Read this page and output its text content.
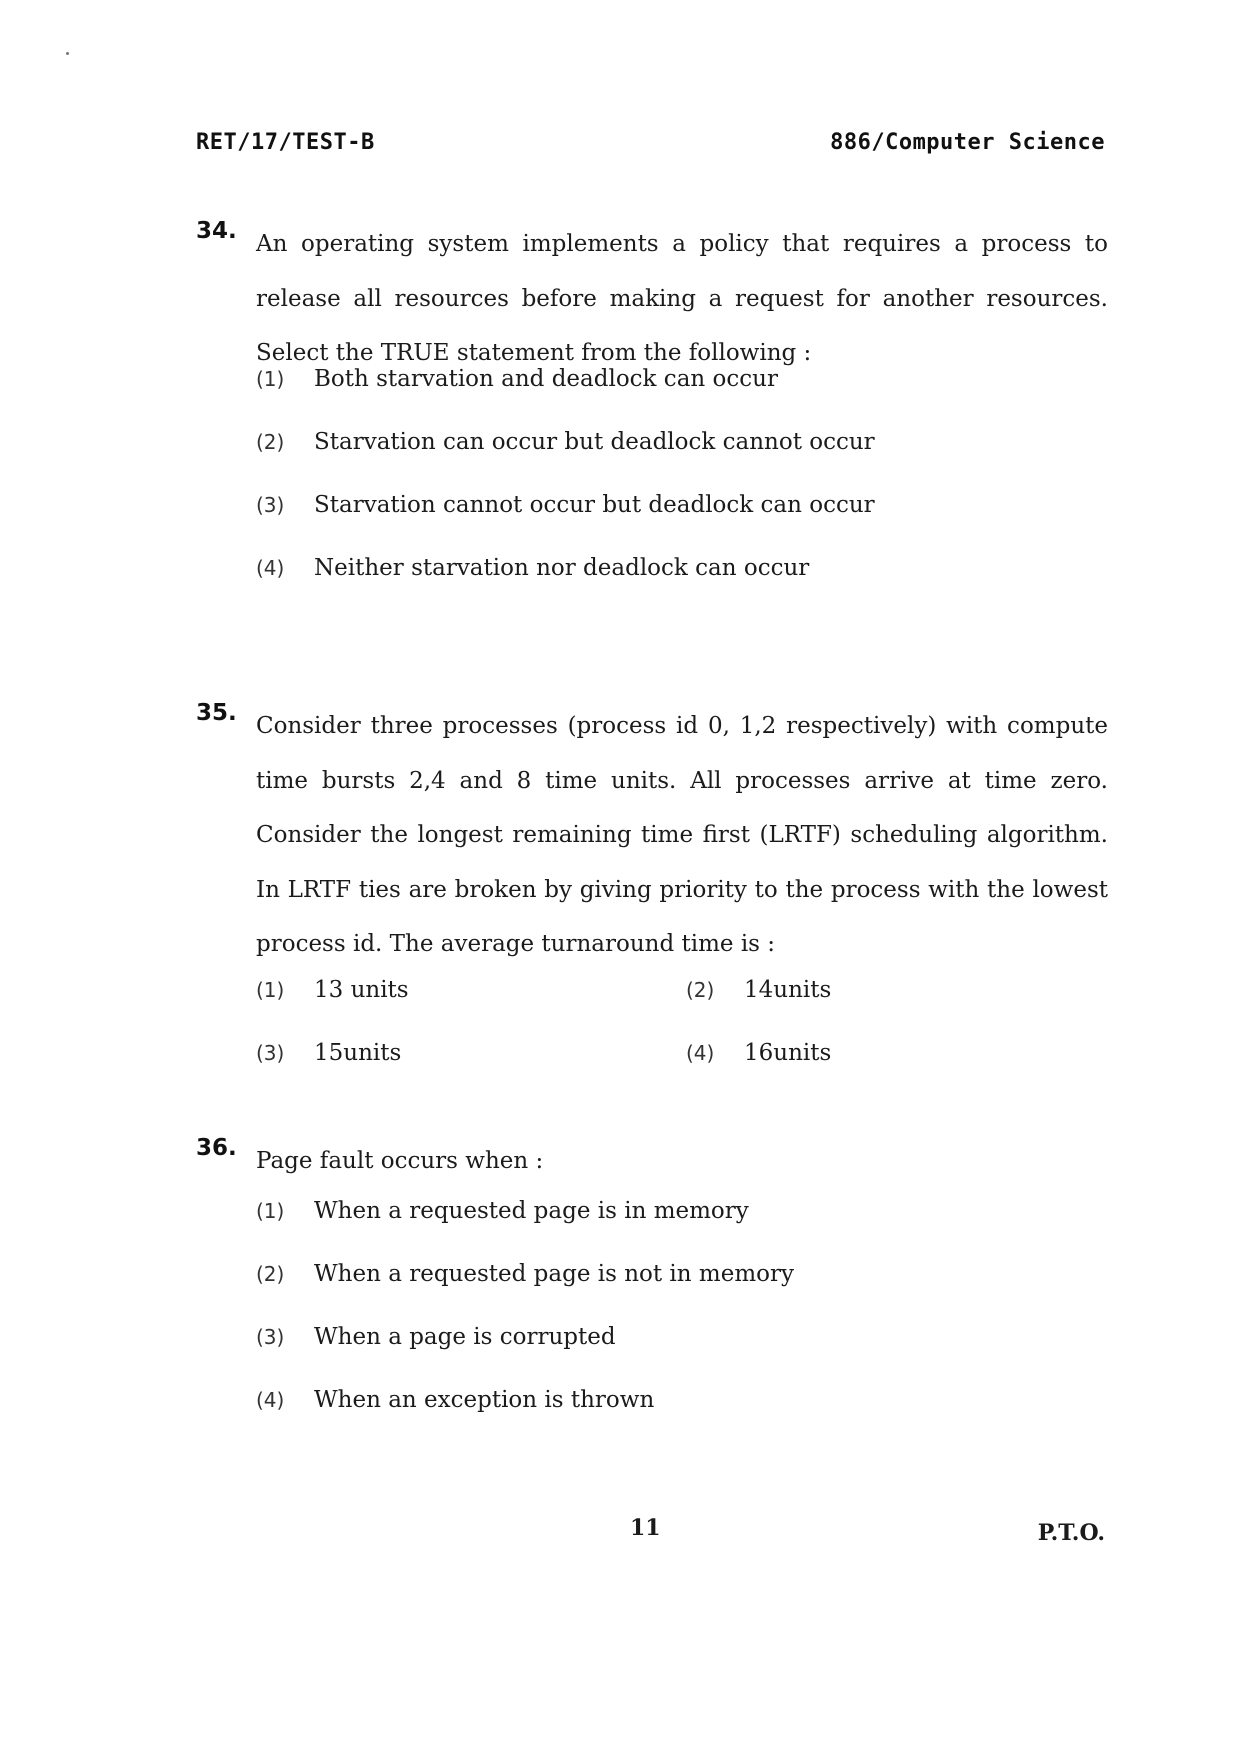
RET/17/TEST-B	886/Computer Science
34. An operating system implements a policy that requires a process to release all resources before making a request for another resources. Select the TRUE statement from the following :
(1) Both starvation and deadlock can occur
(2) Starvation can occur but deadlock cannot occur
(3) Starvation cannot occur but deadlock can occur
(4) Neither starvation nor deadlock can occur
35. Consider three processes (process id 0, 1,2 respectively) with compute time bursts 2,4 and 8 time units. All processes arrive at time zero. Consider the longest remaining time first (LRTF) scheduling algorithm. In LRTF ties are broken by giving priority to the process with the lowest process id. The average turnaround time is :
(1) 13 units	(2) 14units
(3) 15units	(4) 16units
36. Page fault occurs when :
(1) When a requested page is in memory
(2) When a requested page is not in memory
(3) When a page is corrupted
(4) When an exception is thrown
11	P.T.O.
